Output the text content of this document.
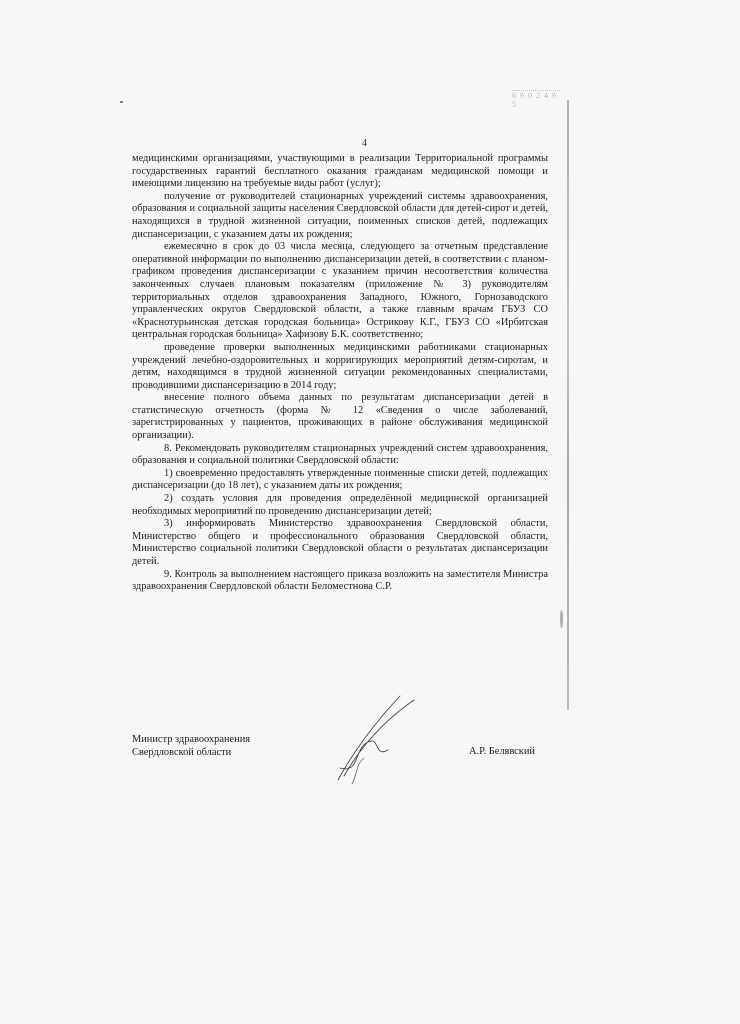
6 9 0 2 4 9 5
4

медицинскими организациями, участвующими в реализации Территориальной программы государственных гарантий бесплатного оказания гражданам медицинской помощи и имеющими лицензию на требуемые виды работ (услуг);

получение от руководителей стационарных учреждений системы здравоохранения, образования и социальной защиты населения Свердловской области для детей-сирот и детей, находящихся в трудной жизненной ситуации, поименных списков детей, подлежащих диспансеризации, с указанием даты их рождения;

ежемесячно в срок до 03 числа месяца, следующего за отчетным представление оперативной информации по выполнению диспансеризации детей, в соответствии с планом-графиком проведения диспансеризации с указанием причин несоответствия количества законченных случаев плановым показателям (приложение № 3) руководителям территориальных отделов здравоохранения Западного, Южного, Горнозаводского управленческих округов Свердловской области, а также главным врачам ГБУЗ СО «Краснотурьинская детская городская больница» Остриковy К.Г., ГБУЗ СО «Ирбитская центральная городская больница» Хафизову Б.К. соответственно;

проведение проверки выполненных медицинскими работниками стационарных учреждений лечебно-оздоровительных и корригирующих мероприятий детям-сиротам, и детям, находящимся в трудной жизненной ситуации рекомендованных специалистами, проводившими диспансеризацию в 2014 году;

внесение полного объема данных по результатам диспансеризации детей в статистическую отчетность (форма № 12 «Сведения о числе заболеваний, зарегистрированных у пациентов, проживающих в районе обслуживания медицинской организации).

8. Рекомендовать руководителям стационарных учреждений систем здравоохранения, образования и социальной политики Свердловской области:

1) своевременно предоставлять утвержденные поименные списки детей, подлежащих диспансеризации (до 18 лет), с указанием даты их рождения;

2) создать условия для проведения определённой медицинской организацией необходимых мероприятий по проведению диспансеризации детей;

3) информировать Министерство здравоохранения Свердловской области, Министерство общего и профессионального образования Свердловской области, Министерство социальной политики Свердловской области о результатах диспансеризации детей.

9. Контроль за выполнением настоящего приказа возложить на заместителя Министра здравоохранения Свердловской области Беломестнова С.Р.

Министр здравоохранения
Свердловской области	А.Р. Белявский
